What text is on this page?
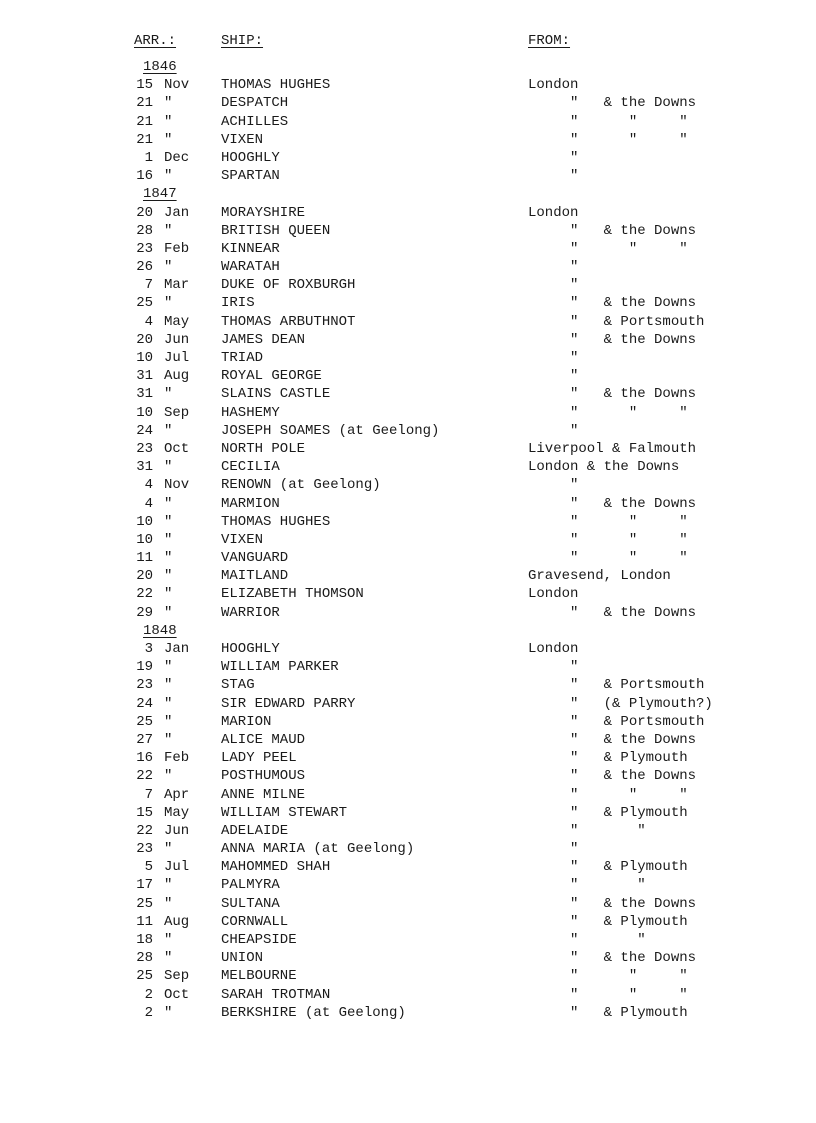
ARR.:	SHIP:	FROM:
1846
15 Nov THOMAS HUGHES	London
21 "	DESPATCH	"   & the Downs
21 "	ACHILLES	"      "     "
21 "	VIXEN	"      "     "
1 Dec HOOGHLY	"
16 "	SPARTAN	"
1847
20 Jan MORAYSHIRE	London
28 "	BRITISH QUEEN	"   & the Downs
23 Feb KINNEAR	"      "     "
26 "	WARATAH	"
7 Mar DUKE OF ROXBURGH	"
25 "	IRIS	"   & the Downs
4 May THOMAS ARBUTHNOT	"   & Portsmouth
20 Jun JAMES DEAN	"   & the Downs
10 Jul TRIAD	"
31 Aug ROYAL GEORGE	"
31 "	SLAINS CASTLE	"   & the Downs
10 Sep HASHEMY	"      "     "
24 "	JOSEPH SOAMES (at Geelong)	"
23 Oct NORTH POLE	Liverpool & Falmouth
31 "	CECILIA	London & the Downs
4 Nov RENOWN (at Geelong)	"
4 "	MARMION	"   & the Downs
10 "	THOMAS HUGHES	"      "     "
10 "	VIXEN	"      "     "
11 "	VANGUARD	"      "     "
20 "	MAITLAND	Gravesend, London
22 "	ELIZABETH THOMSON	London
29 "	WARRIOR	"   & the Downs
1848
3 Jan HOOGHLY	London
19 "	WILLIAM PARKER	"
23 "	STAG	"   & Portsmouth
24 "	SIR EDWARD PARRY	"   (& Plymouth?)
25 "	MARION	"   & Portsmouth
27 "	ALICE MAUD	"   & the Downs
16 Feb LADY PEEL	"   & Plymouth
22 "	POSTHUMOUS	"   & the Downs
7 Apr ANNE MILNE	"      "     "
15 May WILLIAM STEWART	"   & Plymouth
22 Jun ADELAIDE	"       "
23 "	ANNA MARIA (at Geelong)	"
5 Jul MAHOMMED SHAH	"   & Plymouth
17 "	PALMYRA	"       "
25 "	SULTANA	"   & the Downs
11 Aug CORNWALL	"   & Plymouth
18 "	CHEAPSIDE	"       "
28 "	UNION	"   & the Downs
25 Sep MELBOURNE	"      "     "
2 Oct SARAH TROTMAN	"      "     "
2 "	BERKSHIRE (at Geelong)	"   & Plymouth
